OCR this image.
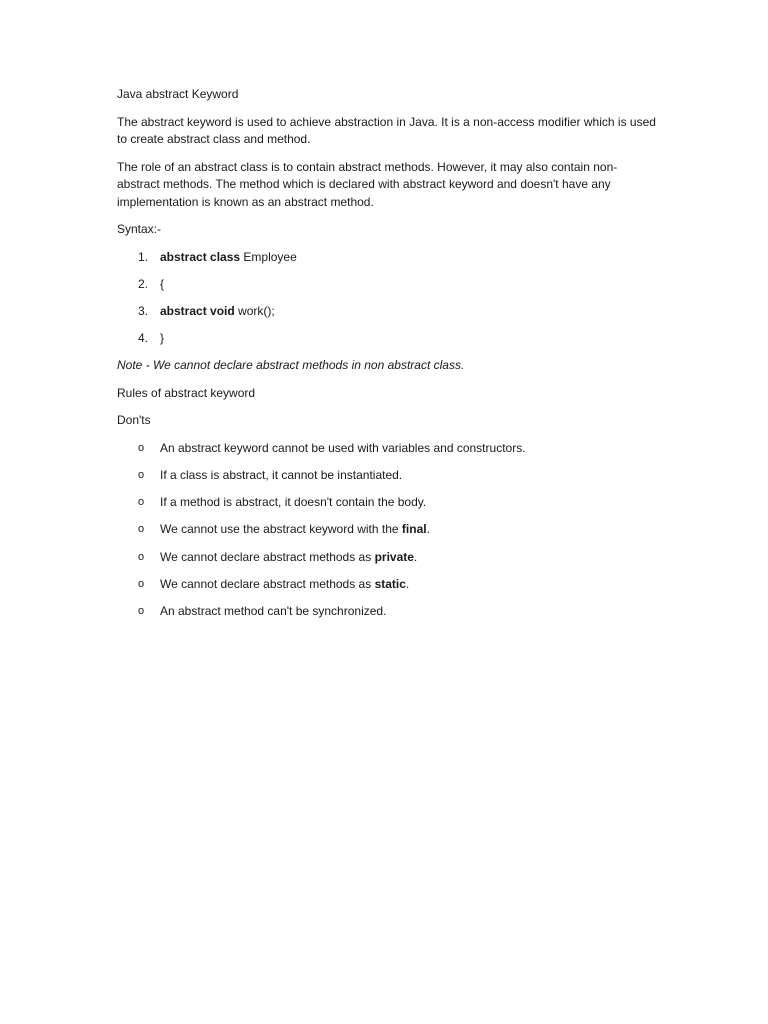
Java abstract Keyword
The abstract keyword is used to achieve abstraction in Java. It is a non-access modifier which is used to create abstract class and method.
The role of an abstract class is to contain abstract methods. However, it may also contain non-abstract methods. The method which is declared with abstract keyword and doesn't have any implementation is known as an abstract method.
Syntax:-
1. abstract class Employee
2. {
3. abstract void work();
4. }
Note - We cannot declare abstract methods in non abstract class.
Rules of abstract keyword
Don'ts
o An abstract keyword cannot be used with variables and constructors.
o If a class is abstract, it cannot be instantiated.
o If a method is abstract, it doesn't contain the body.
o We cannot use the abstract keyword with the final.
o We cannot declare abstract methods as private.
o We cannot declare abstract methods as static.
o An abstract method can't be synchronized.
